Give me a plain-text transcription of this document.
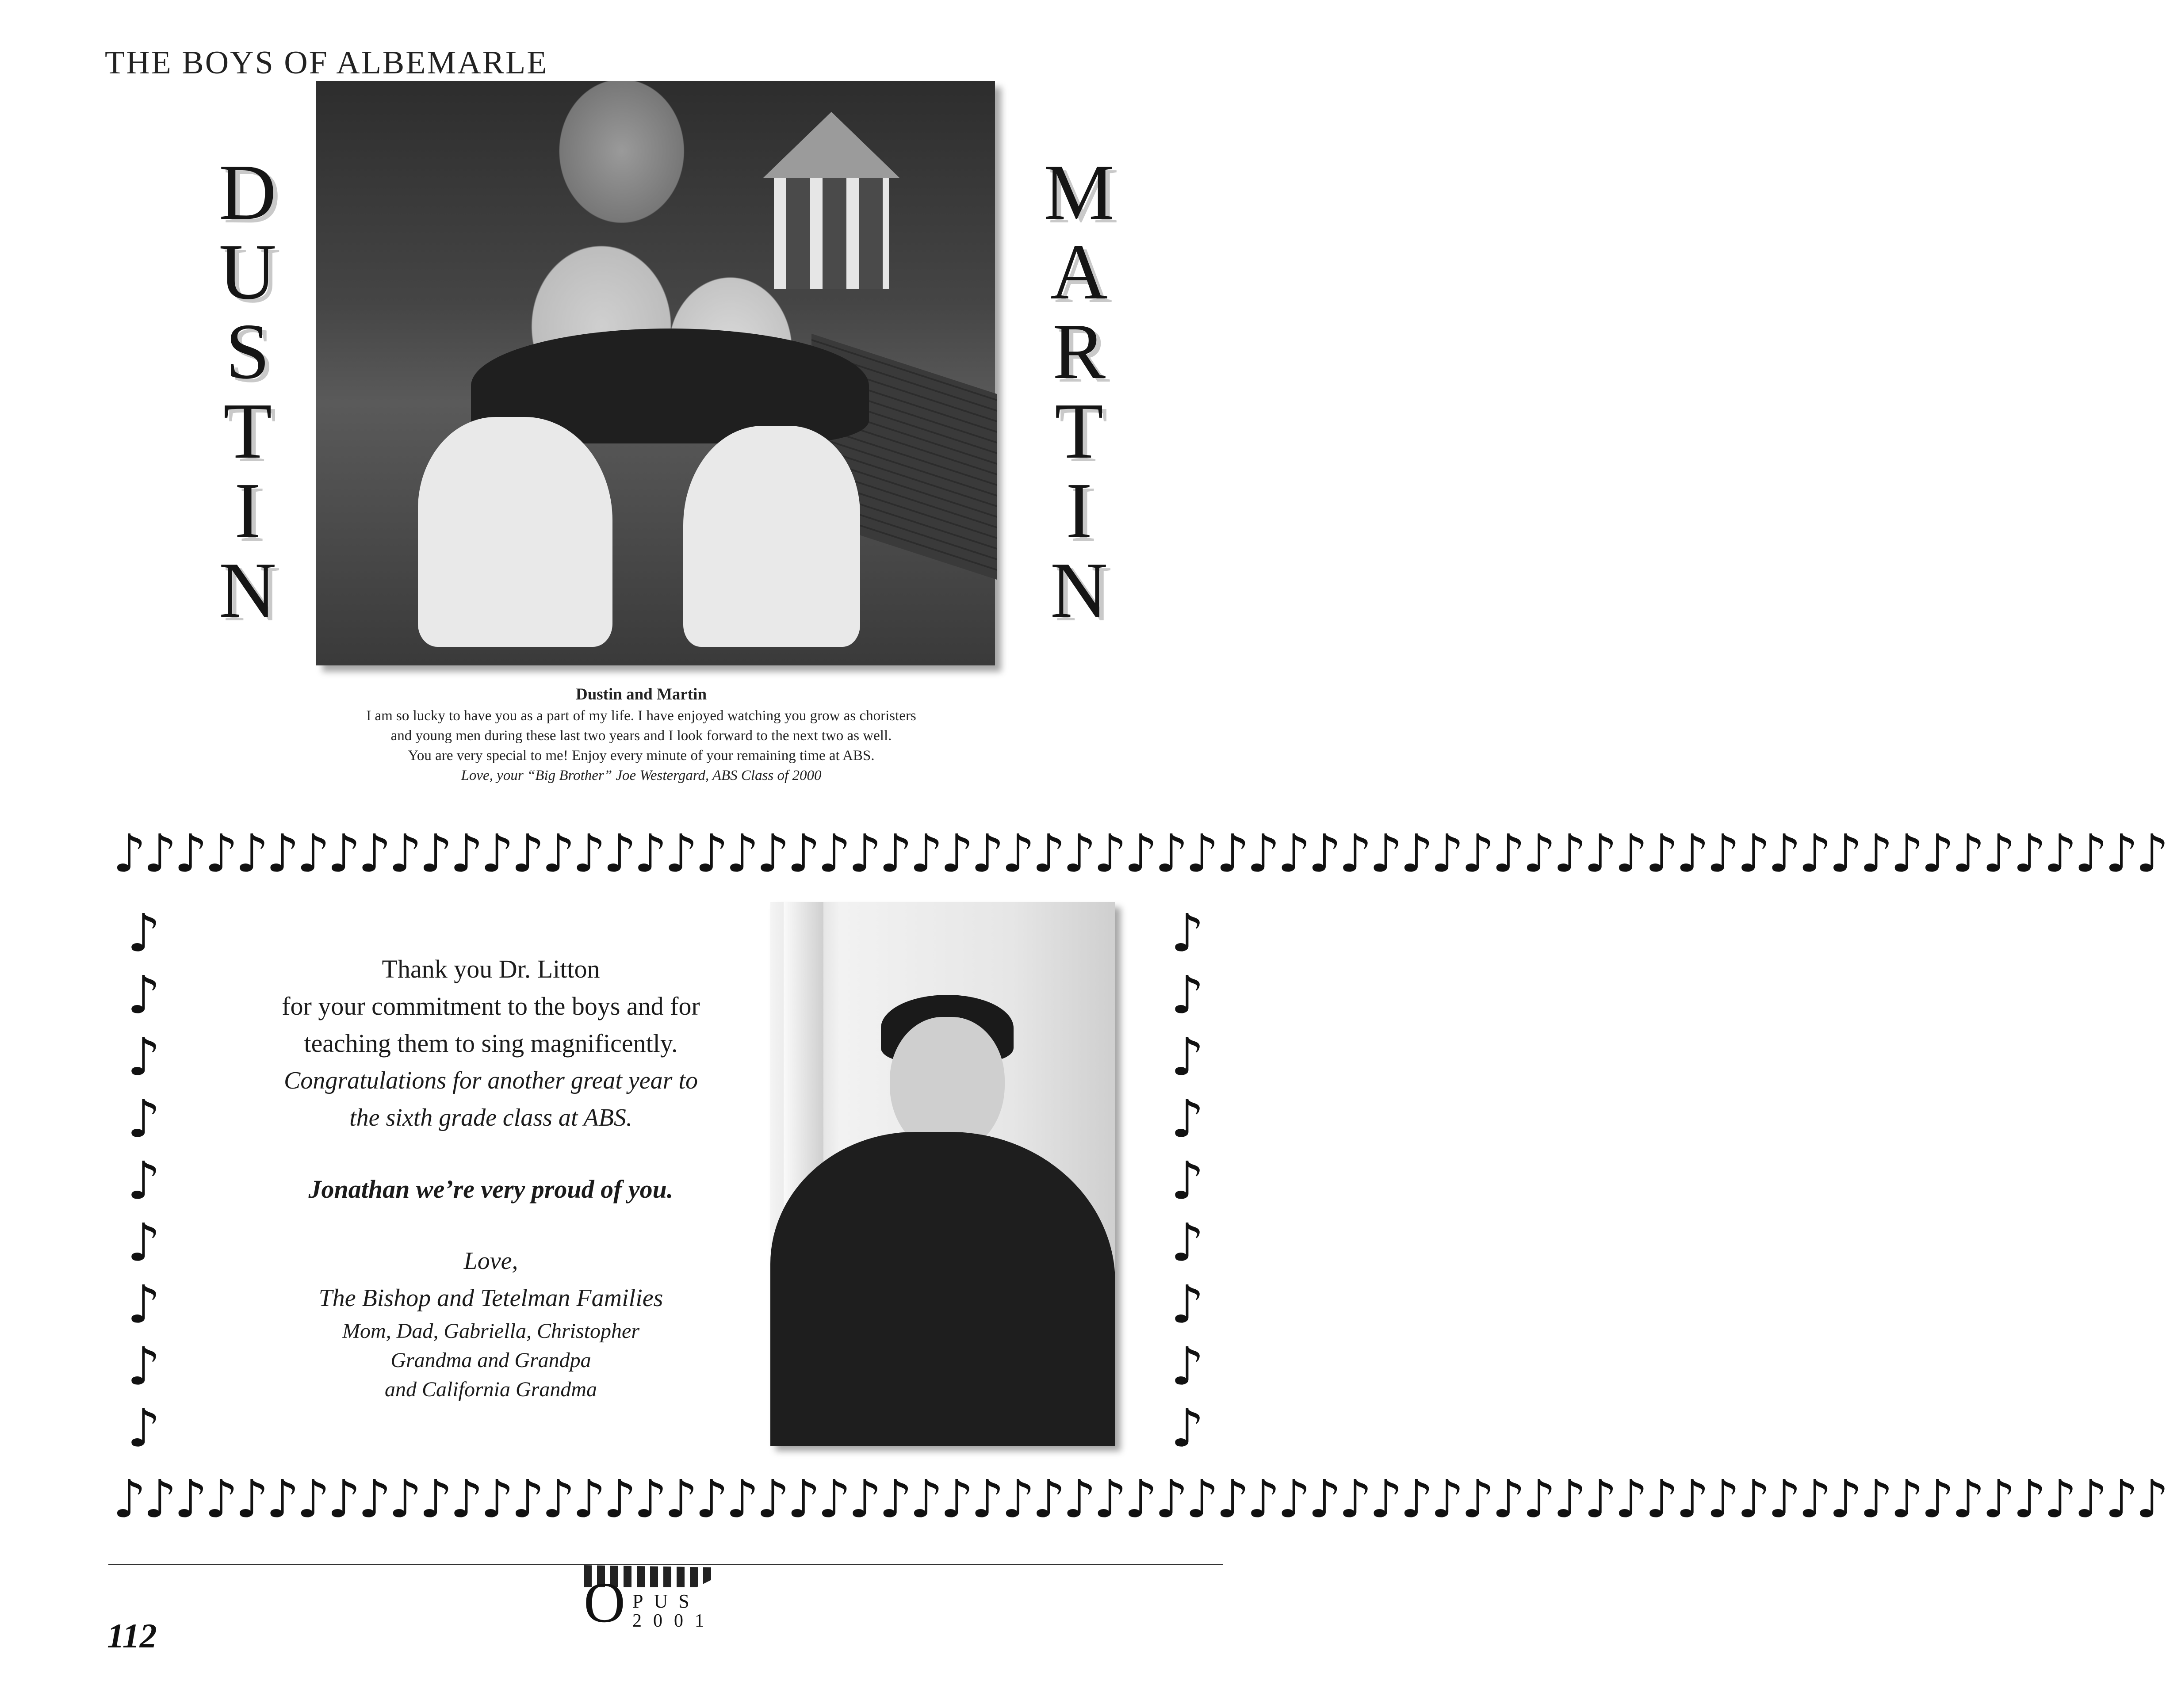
THE BOYS OF ALBEMARLE
D
U
S
T
I
N
M
A
R
T
I
N
Dustin and Martin
I am so lucky to have you as a part of my life. I have enjoyed watching you grow as choristers
and young men during these last two years and I look forward to the next two as well.
You are very special to me! Enjoy every minute of your remaining time at ABS.
Love, your “Big Brother” Joe Westergard, ABS Class of 2000
♪♪♪♪♪♪♪♪♪♪♪♪♪♪♪♪♪♪♪♪♪♪♪♪♪♪♪♪♪♪♪♪♪♪♪♪♪♪♪♪♪♪♪♪♪♪♪♪♪♪♪♪♪♪♪♪♪♪♪♪♪♪♪♪♪♪♪
♪♪♪♪♪♪♪♪♪♪♪♪♪♪♪♪♪♪♪♪♪♪♪♪♪♪♪♪♪♪♪♪♪♪♪♪♪♪♪♪♪♪♪♪♪♪♪♪♪♪♪♪♪♪♪♪♪♪♪♪♪♪♪♪♪♪♪
♪
♪
♪
♪
♪
♪
♪
♪
♪
♪
♪
♪
♪
♪
♪
♪
♪
♪
Thank you Dr. Litton
for your commitment to the boys and for
teaching them to sing magnificently.
Congratulations for another great year to
the sixth grade class at ABS.
Jonathan we’re very proud of you.
Love,
The Bishop and Tetelman Families
Mom, Dad, Gabriella, Christopher
Grandma and Grandpa
and California Grandma
112
O PUS
2001
